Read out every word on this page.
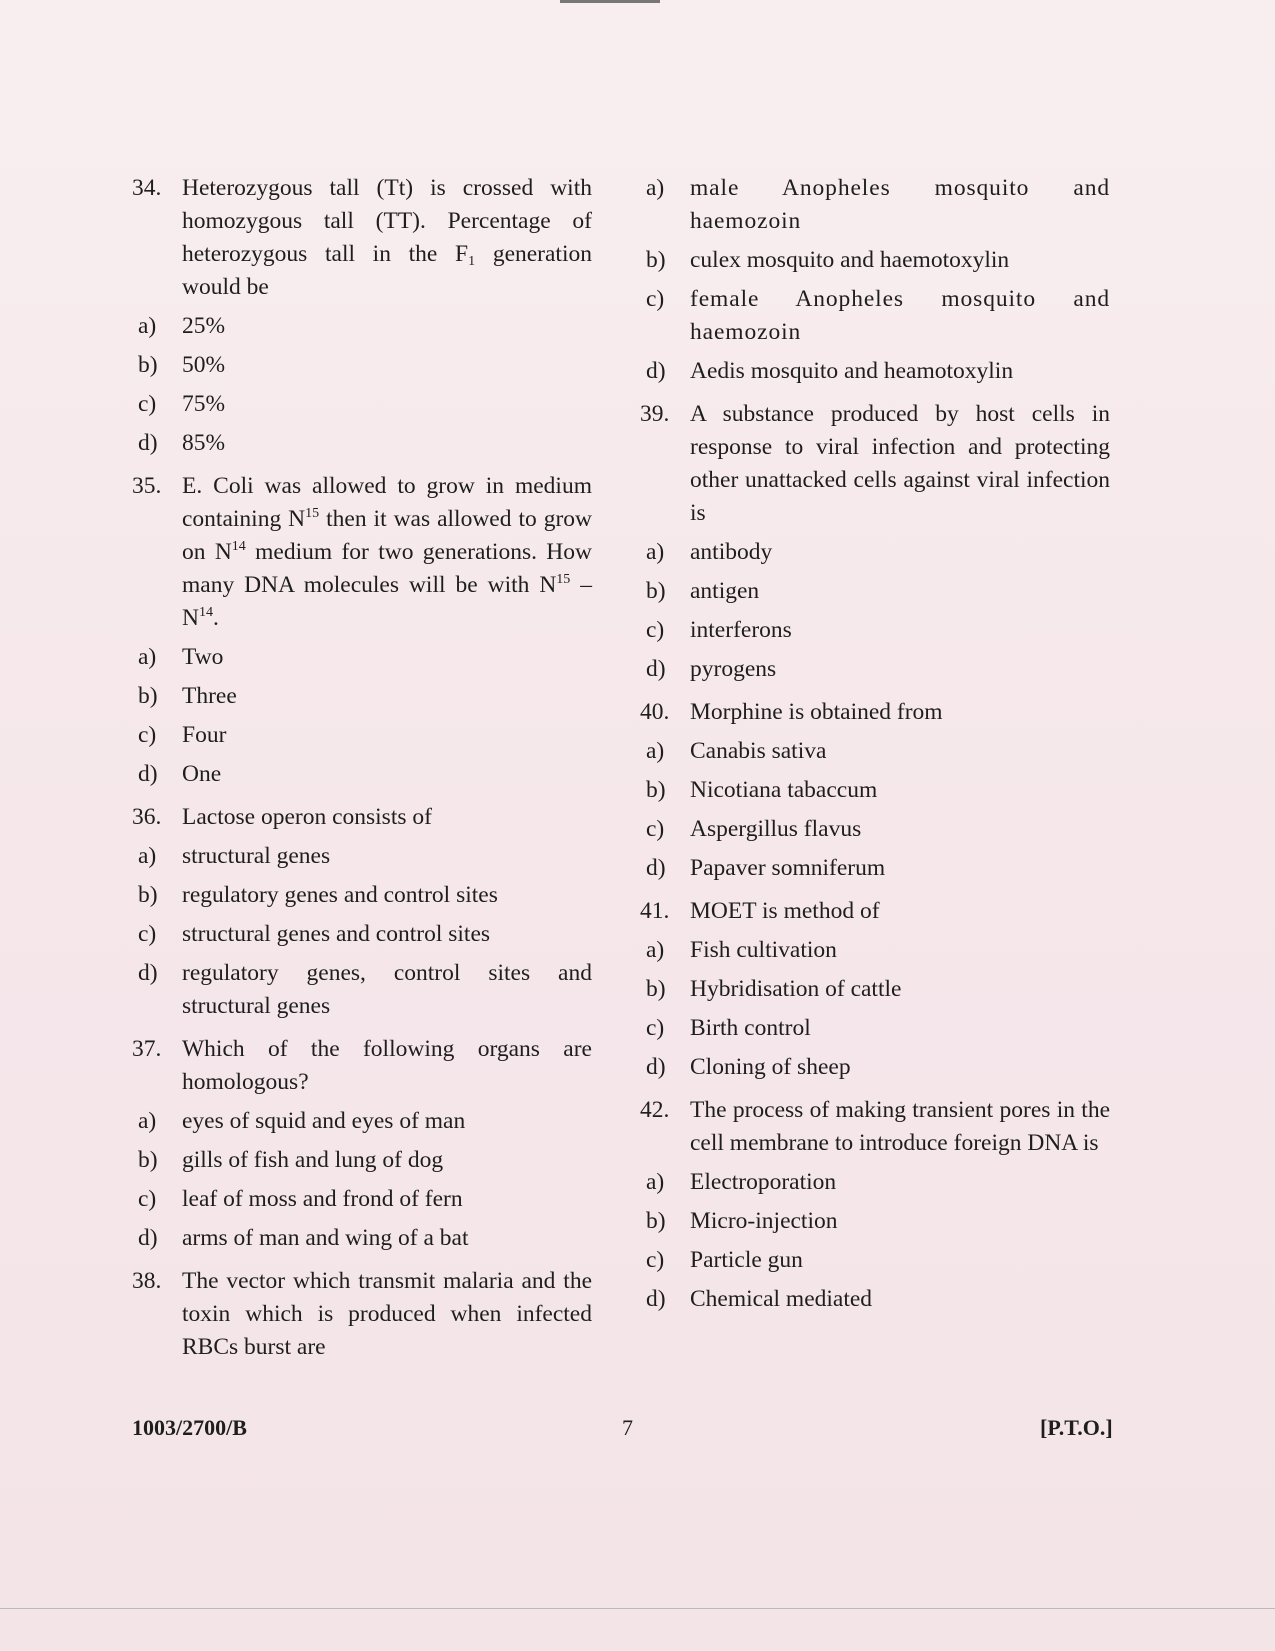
34. Heterozygous tall (Tt) is crossed with homozygous tall (TT). Percentage of heterozygous tall in the $F_1$ generation would be
a)	25%
b)	50%
c)	75%
d)	85%
35. E. Coli was allowed to grow in medium containing $N^{15}$ then it was allowed to grow on $N^{14}$ medium for two generations. How many DNA molecules will be with $N^{15} - N^{14}$.
a)	Two
b)	Three
c)	Four
d)	One
36. Lactose operon consists of
a)	structural genes
b)	regulatory genes and control sites
c)	structural genes and control sites
d)	regulatory genes, control sites and structural genes
37. Which of the following organs are homologous?
a)	eyes of squid and eyes of man
b)	gills of fish and lung of dog
c)	leaf of moss and frond of fern
d)	arms of man and wing of a bat
38. The vector which transmit malaria and the toxin which is produced when infected RBCs burst are
a)	male Anopheles mosquito and haemozoin
b)	culex mosquito and haemotoxylin
c)	female Anopheles mosquito and haemozoin
d)	Aedis mosquito and heamotoxylin
39. A substance produced by host cells in response to viral infection and protecting other unattacked cells against viral infection is
a)	antibody
b)	antigen
c)	interferons
d)	pyrogens
40. Morphine is obtained from
a)	Canabis sativa
b)	Nicotiana tabaccum
c)	Aspergillus flavus
d)	Papaver somniferum
41. MOET is method of
a)	Fish cultivation
b)	Hybridisation of cattle
c)	Birth control
d)	Cloning of sheep
42. The process of making transient pores in the cell membrane to introduce foreign DNA is
a)	Electroporation
b)	Micro-injection
c)	Particle gun
d)	Chemical mediated
1003/2700/B	7	[P.T.O.]
